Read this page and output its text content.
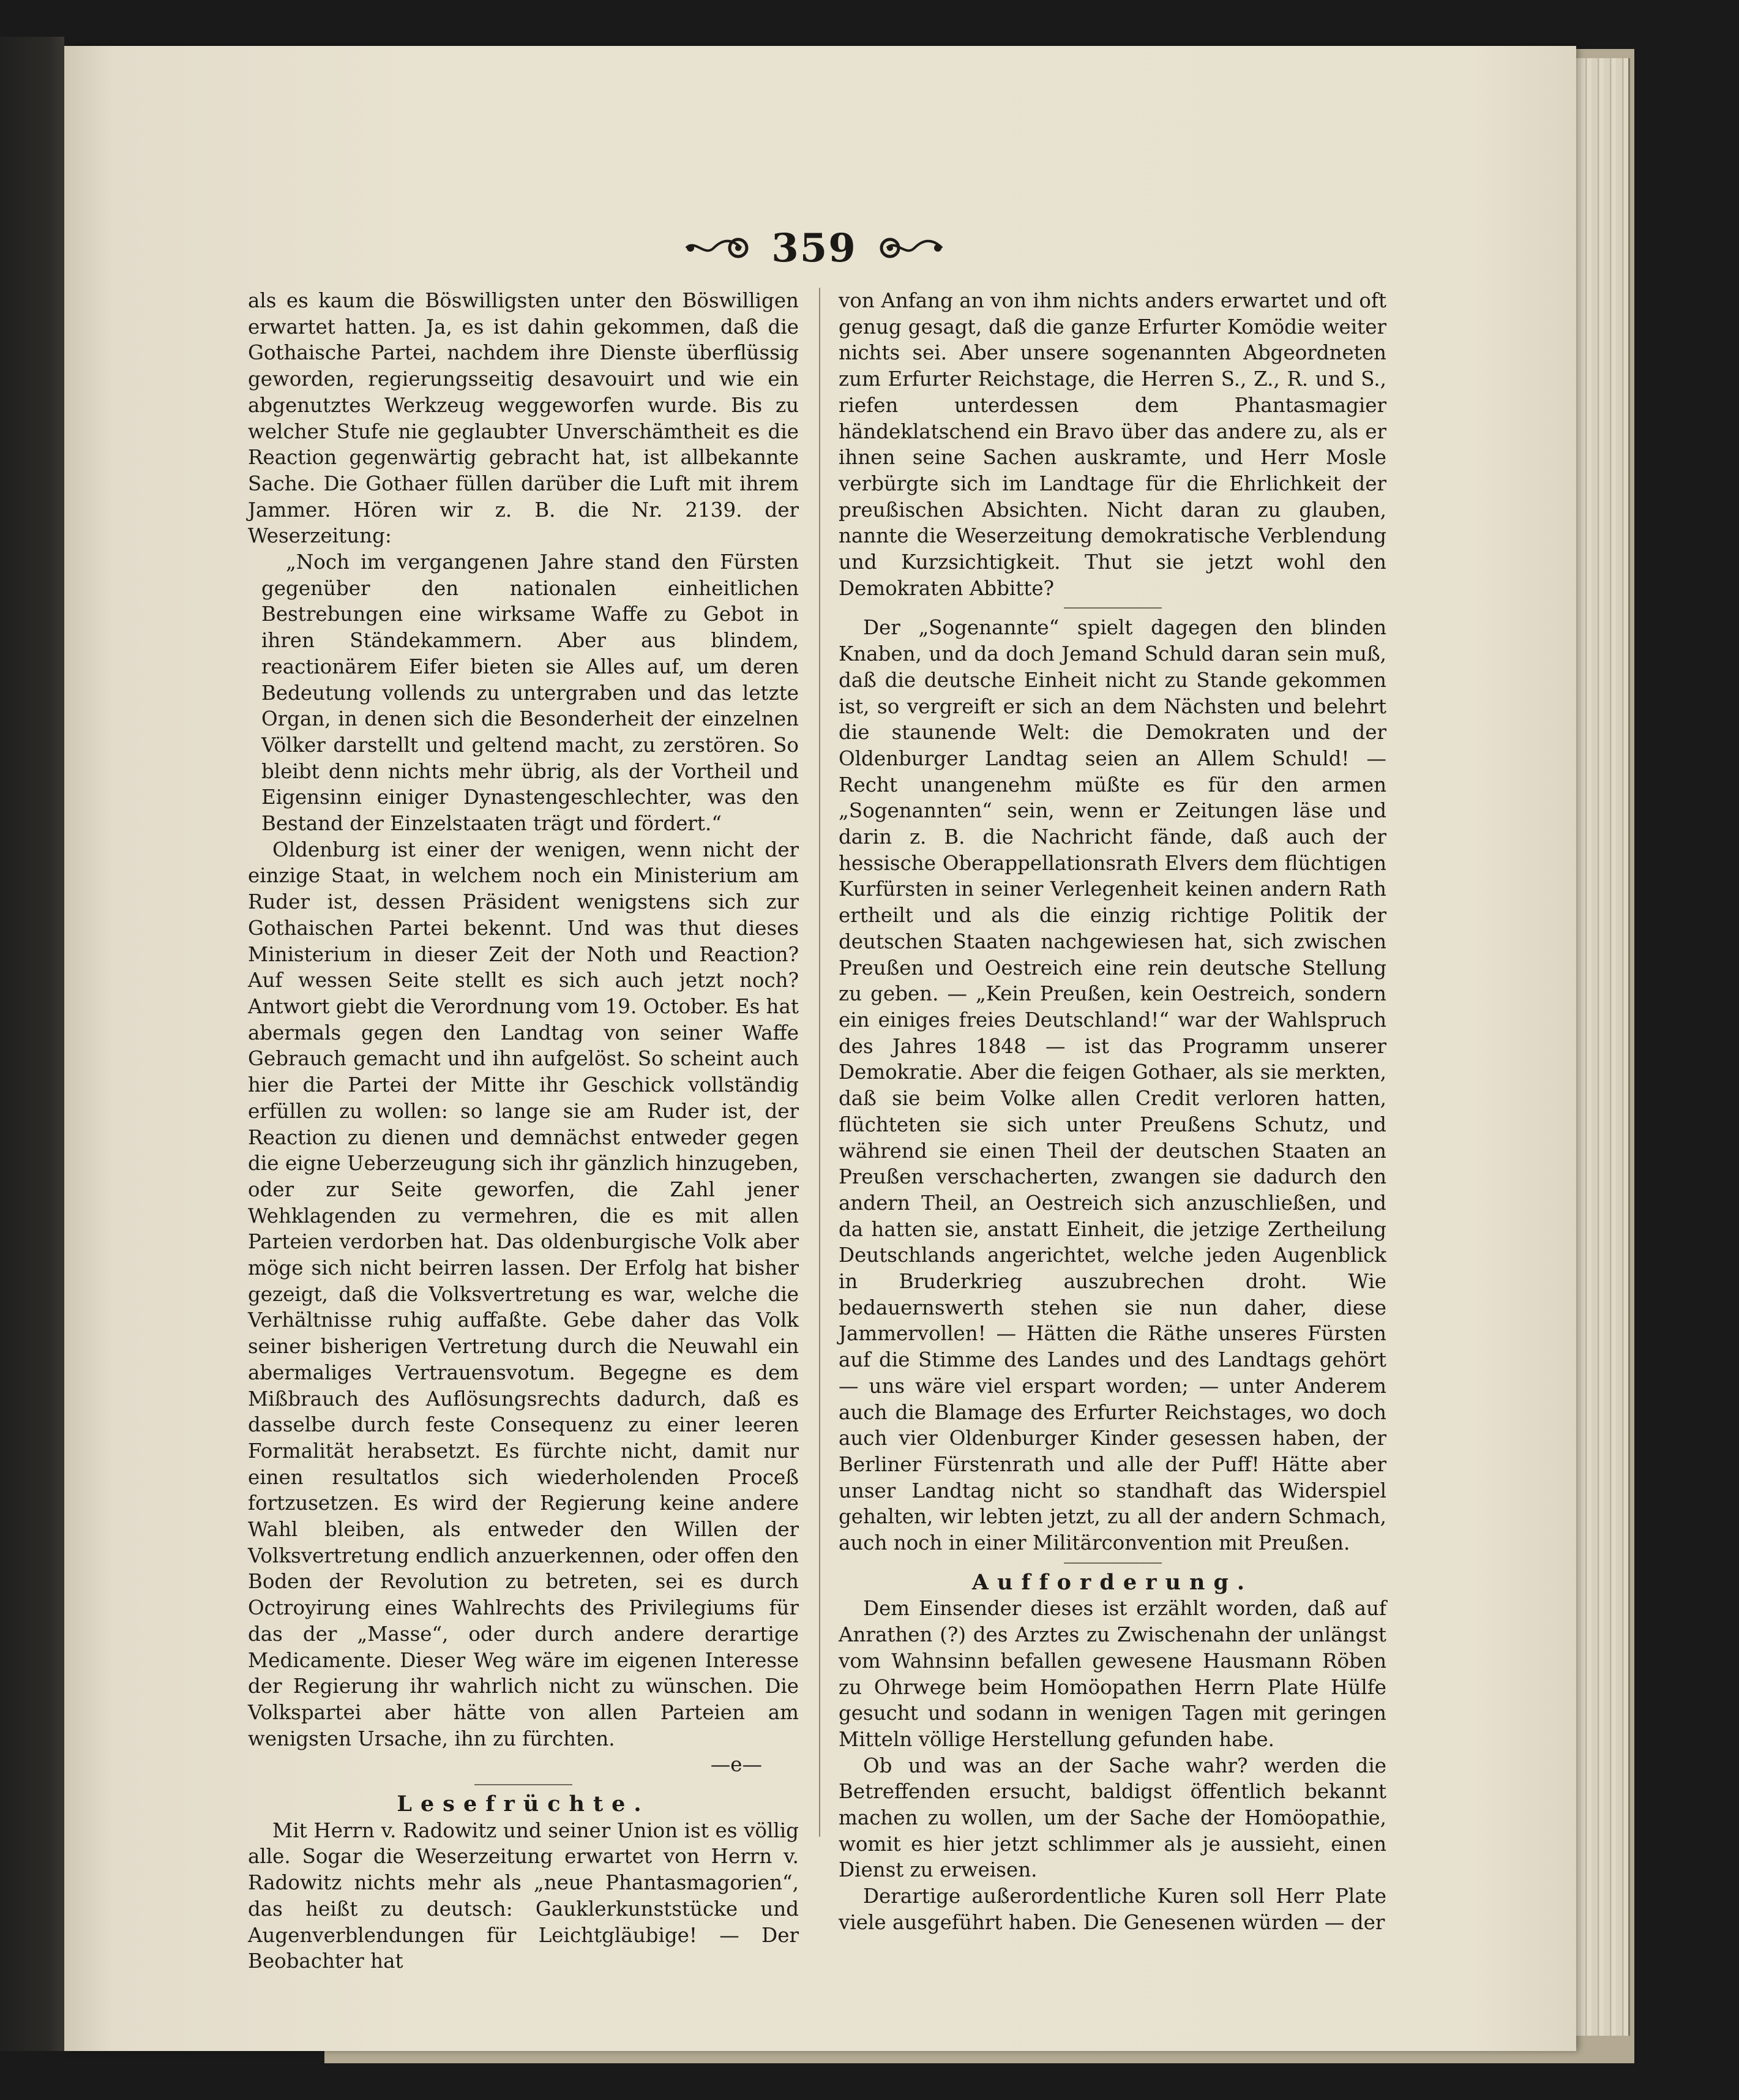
359

als es kaum die Böswilligsten unter den Böswilligen erwartet hatten. Ja, es ist dahin gekommen, daß die Gothaische Partei, nachdem ihre Dienste überflüssig geworden, regierungsseitig desavouirt und wie ein abgenutztes Werkzeug weggeworfen wurde. Bis zu welcher Stufe nie geglaubter Unverschämtheit es die Reaction gegenwärtig gebracht hat, ist allbekannte Sache. Die Gothaer füllen darüber die Luft mit ihrem Jammer. Hören wir z. B. die Nr. 2139. der Weserzeitung:

„Noch im vergangenen Jahre stand den Fürsten gegenüber den nationalen einheitlichen Bestrebungen eine wirksame Waffe zu Gebot in ihren Ständekammern. Aber aus blindem, reactionärem Eifer bieten sie Alles auf, um deren Bedeutung vollends zu untergraben und das letzte Organ, in denen sich die Besonderheit der einzelnen Völker darstellt und geltend macht, zu zerstören. So bleibt denn nichts mehr übrig, als der Vortheil und Eigensinn einiger Dynastengeschlechter, was den Bestand der Einzelstaaten trägt und fördert.“

Oldenburg ist einer der wenigen, wenn nicht der einzige Staat, in welchem noch ein Ministerium am Ruder ist, dessen Präsident wenigstens sich zur Gothaischen Partei bekennt. Und was thut dieses Ministerium in dieser Zeit der Noth und Reaction? Auf wessen Seite stellt es sich auch jetzt noch? Antwort giebt die Verordnung vom 19. October. Es hat abermals gegen den Landtag von seiner Waffe Gebrauch gemacht und ihn aufgelöst. So scheint auch hier die Partei der Mitte ihr Geschick vollständig erfüllen zu wollen: so lange sie am Ruder ist, der Reaction zu dienen und demnächst entweder gegen die eigne Ueberzeugung sich ihr gänzlich hinzugeben, oder zur Seite geworfen, die Zahl jener Wehklagenden zu vermehren, die es mit allen Parteien verdorben hat. Das oldenburgische Volk aber möge sich nicht beirren lassen. Der Erfolg hat bisher gezeigt, daß die Volksvertretung es war, welche die Verhältnisse ruhig auffaßte. Gebe daher das Volk seiner bisherigen Vertretung durch die Neuwahl ein abermaliges Vertrauensvotum. Begegne es dem Mißbrauch des Auflösungsrechts dadurch, daß es dasselbe durch feste Consequenz zu einer leeren Formalität herabsetzt. Es fürchte nicht, damit nur einen resultatlos sich wiederholenden Proceß fortzusetzen. Es wird der Regierung keine andere Wahl bleiben, als entweder den Willen der Volksvertretung endlich anzuerkennen, oder offen den Boden der Revolution zu betreten, sei es durch Octroyirung eines Wahlrechts des Privilegiums für das der „Masse“, oder durch andere derartige Medicamente. Dieser Weg wäre im eigenen Interesse der Regierung ihr wahrlich nicht zu wünschen. Die Volkspartei aber hätte von allen Parteien am wenigsten Ursache, ihn zu fürchten.

—e—

Lesefrüchte.

Mit Herrn v. Radowitz und seiner Union ist es völlig alle. Sogar die Weserzeitung erwartet von Herrn v. Radowitz nichts mehr als „neue Phantasmagorien“, das heißt zu deutsch: Gauklerkunststücke und Augenverblendungen für Leichtgläubige! — Der Beobachter hat

von Anfang an von ihm nichts anders erwartet und oft genug gesagt, daß die ganze Erfurter Komödie weiter nichts sei. Aber unsere sogenannten Abgeordneten zum Erfurter Reichstage, die Herren S., Z., R. und S., riefen unterdessen dem Phantasmagier händeklatschend ein Bravo über das andere zu, als er ihnen seine Sachen auskramte, und Herr Mosle verbürgte sich im Landtage für die Ehrlichkeit der preußischen Absichten. Nicht daran zu glauben, nannte die Weserzeitung demokratische Verblendung und Kurzsichtigkeit. Thut sie jetzt wohl den Demokraten Abbitte?

Der „Sogenannte“ spielt dagegen den blinden Knaben, und da doch Jemand Schuld daran sein muß, daß die deutsche Einheit nicht zu Stande gekommen ist, so vergreift er sich an dem Nächsten und belehrt die staunende Welt: die Demokraten und der Oldenburger Landtag seien an Allem Schuld! — Recht unangenehm müßte es für den armen „Sogenannten“ sein, wenn er Zeitungen läse und darin z. B. die Nachricht fände, daß auch der hessische Oberappellationsrath Elvers dem flüchtigen Kurfürsten in seiner Verlegenheit keinen andern Rath erthеilt und als die einzig richtige Politik der deutschen Staaten nachgewiesen hat, sich zwischen Preußen und Oestreich eine rein deutsche Stellung zu geben. — „Kein Preußen, kein Oestreich, sondern ein einiges freies Deutschland!“ war der Wahlspruch des Jahres 1848 — ist das Programm unserer Demokratie. Aber die feigen Gothaer, als sie merkten, daß sie beim Volke allen Credit verloren hatten, flüchteten sie sich unter Preußens Schutz, und während sie einen Theil der deutschen Staaten an Preußen verschacherten, zwangen sie dadurch den andern Theil, an Oestreich sich anzuschließen, und da hatten sie, anstatt Einheit, die jetzige Zertheilung Deutschlands angerichtet, welche jeden Augenblick in Bruderkrieg auszubrechen droht. Wie bedauernswerth stehen sie nun daher, diese Jammervollen! — Hätten die Räthe unseres Fürsten auf die Stimme des Landes und des Landtags gehört — uns wäre viel erspart worden; — unter Anderem auch die Blamage des Erfurter Reichstages, wo doch auch vier Oldenburger Kinder gesessen haben, der Berliner Fürstenrath und alle der Puff! Hätte aber unser Landtag nicht so standhaft das Widerspiel gehalten, wir lebten jetzt, zu all der andern Schmach, auch noch in einer Militärconvention mit Preußen.

Aufforderung.

Dem Einsender dieses ist erzählt worden, daß auf Anrathen (?) des Arztes zu Zwischenahn der unlängst vom Wahnsinn befallen gewesene Hausmann Röben zu Ohrwege beim Homöopathen Herrn Plate Hülfe gesucht und sodann in wenigen Tagen mit geringen Mitteln völlige Herstellung gefunden habe.

Ob und was an der Sache wahr? werden die Betreffenden ersucht, baldigst öffentlich bekannt machen zu wollen, um der Sache der Homöopathie, womit es hier jetzt schlimmer als je aussieht, einen Dienst zu erweisen.

Derartige außerordentliche Kuren soll Herr Plate viele ausgeführt haben. Die Genesenen würden — der
